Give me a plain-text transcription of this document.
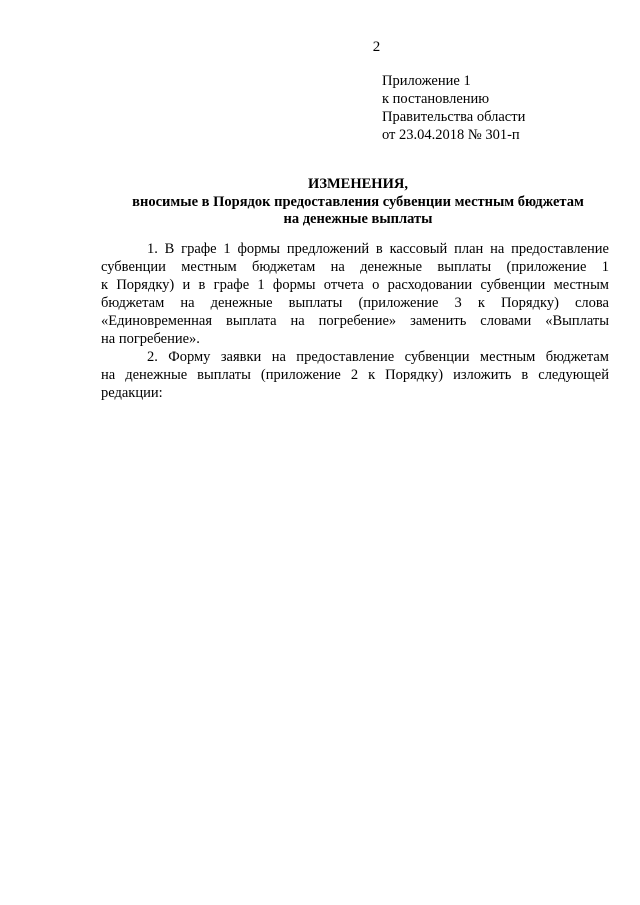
2
Приложение 1
к постановлению
Правительства области
от 23.04.2018 № 301-п
ИЗМЕНЕНИЯ,
вносимые в Порядок предоставления субвенции местным бюджетам
на денежные выплаты
1. В графе 1 формы предложений в кассовый план на предоставление
субвенции местным бюджетам на денежные выплаты (приложение 1
к Порядку) и в графе 1 формы отчета о расходовании субвенции местным
бюджетам на денежные выплаты (приложение 3 к Порядку) слова
«Единовременная выплата на погребение» заменить словами «Выплаты
на погребение».
2. Форму заявки на предоставление субвенции местным бюджетам
на денежные выплаты (приложение 2 к Порядку) изложить в следующей
редакции:
